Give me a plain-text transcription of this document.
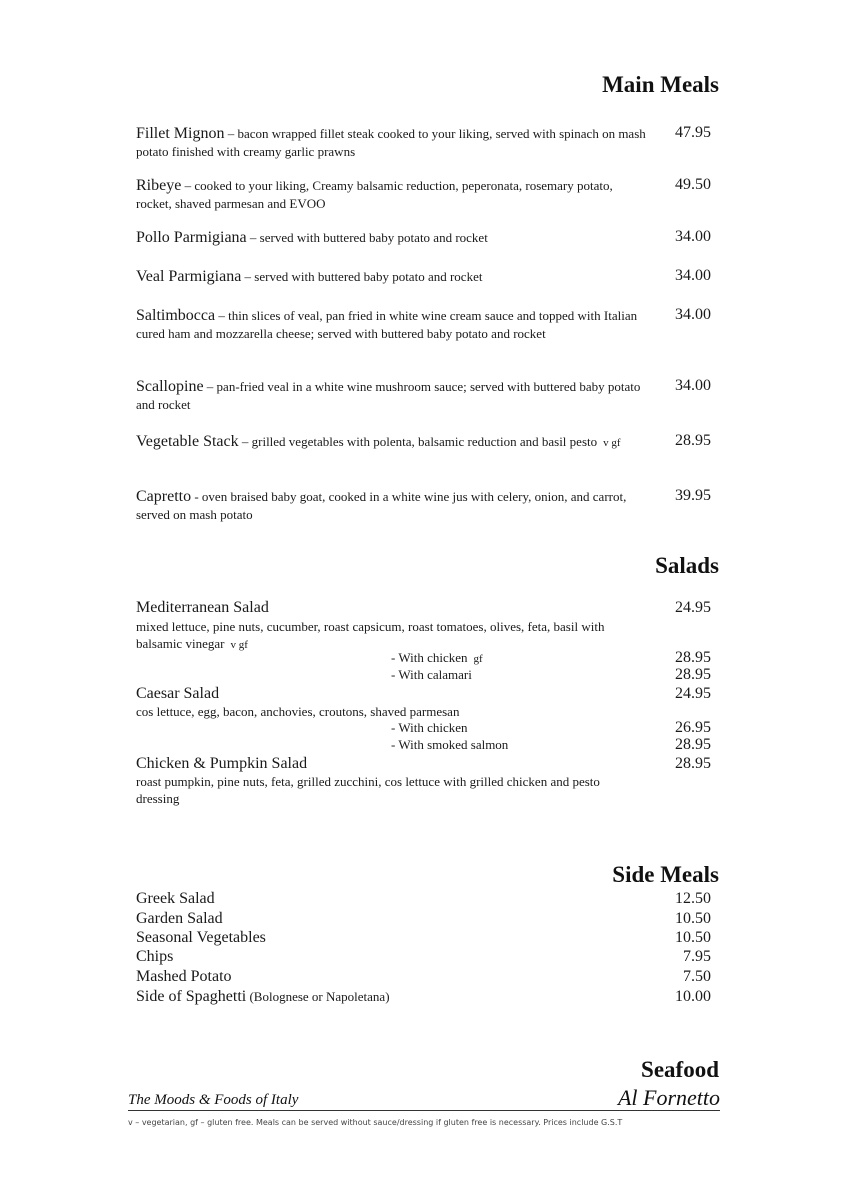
Main Meals
Fillet Mignon – bacon wrapped fillet steak cooked to your liking, served with spinach on mash potato finished with creamy garlic prawns
47.95
Ribeye – cooked to your liking, Creamy balsamic reduction, peperonata, rosemary potato, rocket, shaved parmesan and EVOO
49.50
Pollo Parmigiana – served with buttered baby potato and rocket	34.00
Veal Parmigiana – served with buttered baby potato and rocket	34.00
Saltimbocca – thin slices of veal, pan fried in white wine cream sauce and topped with Italian cured ham and mozzarella cheese; served with buttered baby potato and rocket
34.00
Scallopine – pan-fried veal in a white wine mushroom sauce; served with buttered baby potato and rocket
34.00
Vegetable Stack – grilled vegetables with polenta, balsamic reduction and basil pesto v gf	28.95
Capretto - oven braised baby goat, cooked in a white wine jus with celery, onion, and carrot, served on mash potato
39.95
Salads
Mediterranean Salad	24.95
mixed lettuce, pine nuts, cucumber, roast capsicum, roast tomatoes, olives, feta, basil with balsamic vinegar v gf
- With chicken gf	28.95
- With calamari	28.95
Caesar Salad	24.95
cos lettuce, egg, bacon, anchovies, croutons, shaved parmesan
- With chicken	26.95
- With smoked salmon	28.95
Chicken & Pumpkin Salad	28.95
roast pumpkin, pine nuts, feta, grilled zucchini, cos lettuce with grilled chicken and pesto dressing
Side Meals
Greek Salad	12.50
Garden Salad	10.50
Seasonal Vegetables	10.50
Chips	7.95
Mashed Potato	7.50
Side of Spaghetti (Bolognese or Napoletana)	10.00
Seafood
The Moods & Foods of Italy	Al Fornetto
v – vegetarian, gf – gluten free. Meals can be served without sauce/dressing if gluten free is necessary. Prices include G.S.T
